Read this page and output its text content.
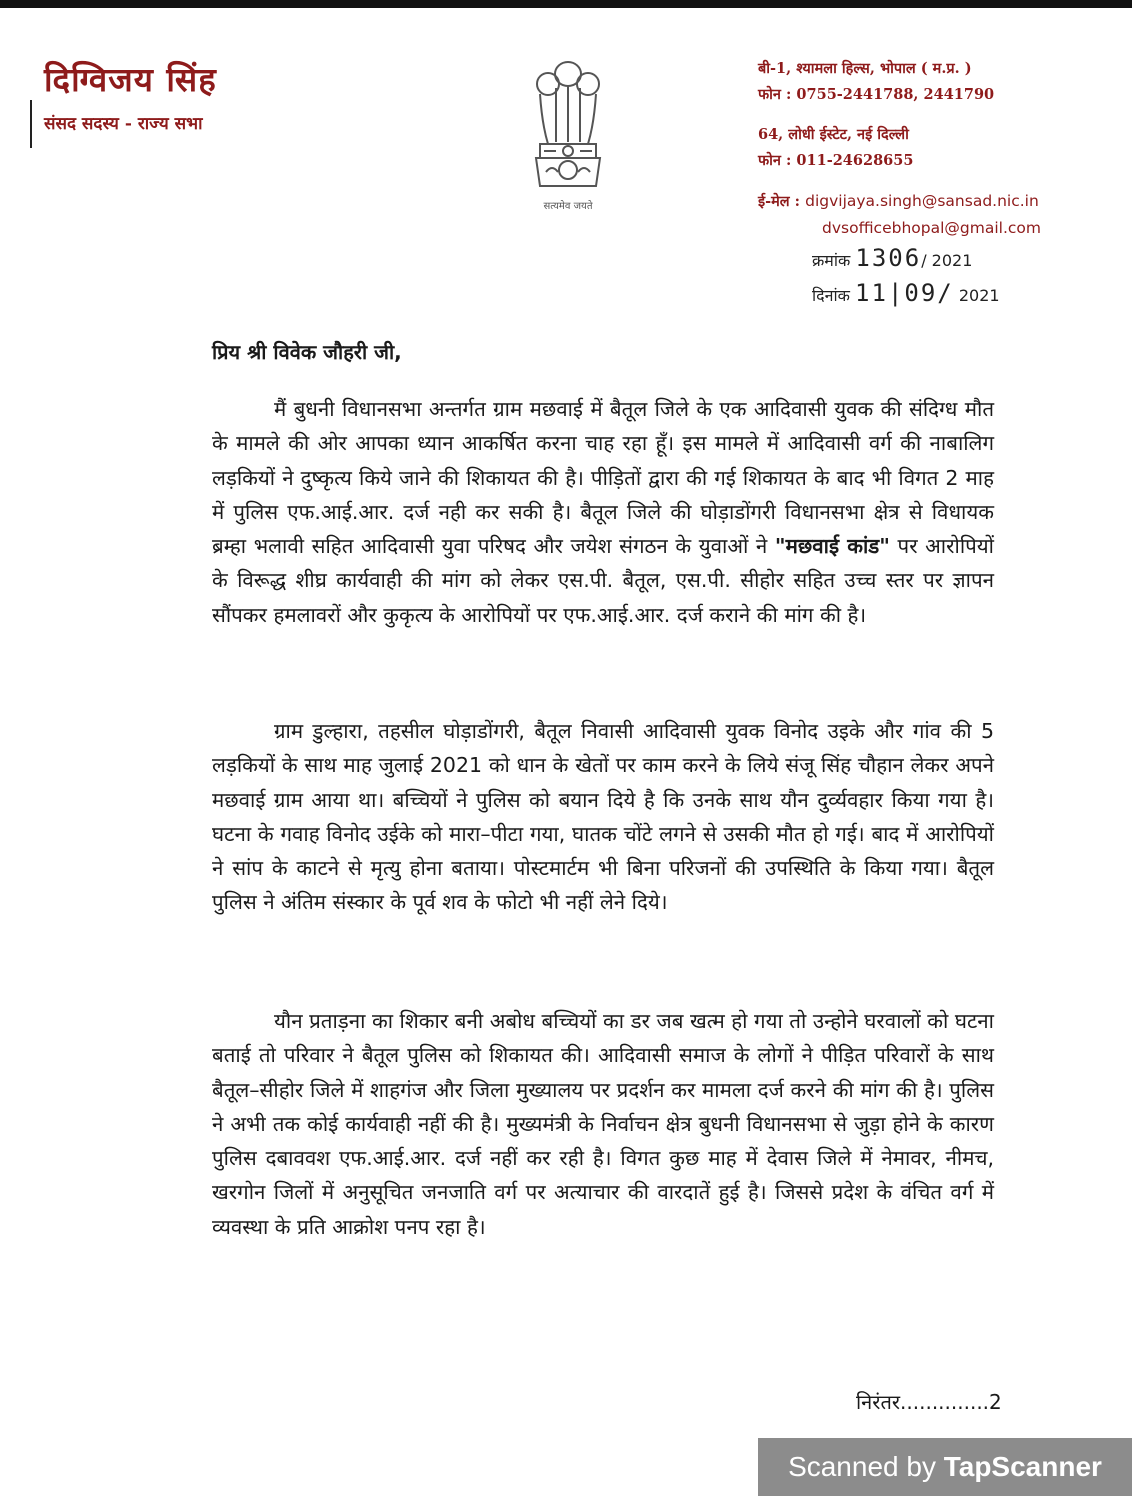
दिग्विजय सिंह
संसद सदस्य - राज्य सभा
सत्यमेव जयते
बी-1, श्यामला हिल्स, भोपाल ( म.प्र. )
फोन : 0755-2441788, 2441790
64, लोधी ईस्टेट, नई दिल्ली
फोन : 011-24628655
ई-मेल : digvijaya.singh@sansad.nic.in
dvsofficebhopal@gmail.com
क्रमांक 1306/ 2021
दिनांक 11|09/ 2021
प्रिय श्री विवेक जौहरी जी,
मैं बुधनी विधानसभा अन्तर्गत ग्राम मछवाई में बैतूल जिले के एक आदिवासी युवक की संदिग्ध मौत के मामले की ओर आपका ध्यान आकर्षित करना चाह रहा हूँ। इस मामले में आदिवासी वर्ग की नाबालिग लड़कियों ने दुष्कृत्य किये जाने की शिकायत की है। पीड़ितों द्वारा की गई शिकायत के बाद भी विगत 2 माह में पुलिस एफ.आई.आर. दर्ज नही कर सकी है। बैतूल जिले की घोड़ाडोंगरी विधानसभा क्षेत्र से विधायक ब्रम्हा भलावी सहित आदिवासी युवा परिषद और जयेश संगठन के युवाओं ने "मछवाई कांड" पर आरोपियों के विरूद्ध शीघ्र कार्यवाही की मांग को लेकर एस.पी. बैतूल, एस.पी. सीहोर सहित उच्च स्तर पर ज्ञापन सौंपकर हमलावरों और कुकृत्य के आरोपियों पर एफ.आई.आर. दर्ज कराने की मांग की है।
ग्राम डुल्हारा, तहसील घोड़ाडोंगरी, बैतूल निवासी आदिवासी युवक विनोद उइके और गांव की 5 लड़कियों के साथ माह जुलाई 2021 को धान के खेतों पर काम करने के लिये संजू सिंह चौहान लेकर अपने मछवाई ग्राम आया था। बच्चियों ने पुलिस को बयान दिये है कि उनके साथ यौन दुर्व्यवहार किया गया है। घटना के गवाह विनोद उईके को मारा–पीटा गया, घातक चोंटे लगने से उसकी मौत हो गई। बाद में आरोपियों ने सांप के काटने से मृत्यु होना बताया। पोस्टमार्टम भी बिना परिजनों की उपस्थिति के किया गया। बैतूल पुलिस ने अंतिम संस्कार के पूर्व शव के फोटो भी नहीं लेने दिये।
यौन प्रताड़ना का शिकार बनी अबोध बच्चियों का डर जब खत्म हो गया तो उन्होने घरवालों को घटना बताई तो परिवार ने बैतूल पुलिस को शिकायत की। आदिवासी समाज के लोगों ने पीड़ित परिवारों के साथ बैतूल–सीहोर जिले में शाहगंज और जिला मुख्यालय पर प्रदर्शन कर मामला दर्ज करने की मांग की है। पुलिस ने अभी तक कोई कार्यवाही नहीं की है। मुख्यमंत्री के निर्वाचन क्षेत्र बुधनी विधानसभा से जुड़ा होने के कारण पुलिस दबाववश एफ.आई.आर. दर्ज नहीं कर रही है। विगत कुछ माह में देवास जिले में नेमावर, नीमच, खरगोन जिलों में अनुसूचित जनजाति वर्ग पर अत्याचार की वारदातें हुई है। जिससे प्रदेश के वंचित वर्ग में व्यवस्था के प्रति आक्रोश पनप रहा है।
निरंतर..............2
Scanned by TapScanner
